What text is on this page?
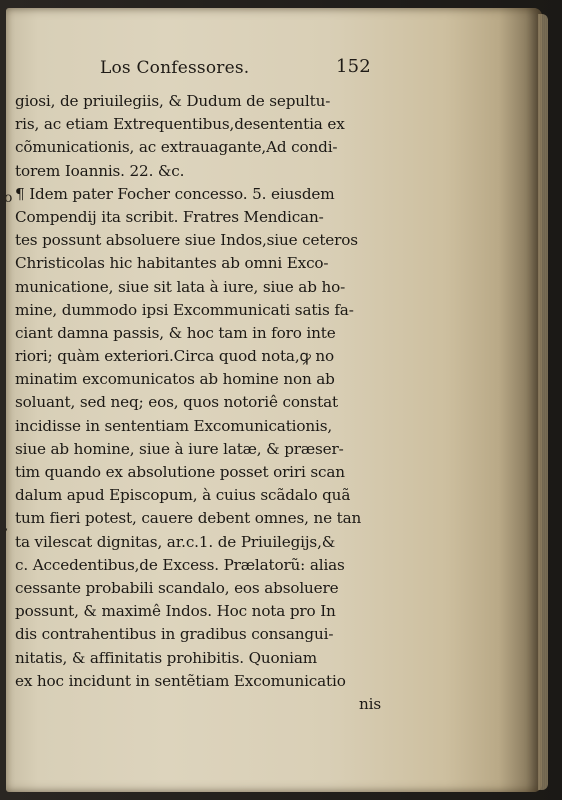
Los Confessores.	152
o
,
giosi, de priuilegiis, & Dudum de sepultu-
ris, ac etiam Extrequentibus,desententia ex
cõmunicationis, ac extrauagante,Ad condi-
torem Ioannis. 22. &c.
¶ Idem pater Focher concesso. 5. eiusdem
Compendij ita scribit. Fratres Mendican-
tes possunt absoluere siue Indos,siue ceteros
Christicolas hic habitantes ab omni Exco-
municatione, siue sit lata à iure, siue ab ho-
mine, dummodo ipsi Excommunicati satis fa-
ciant damna passis, & hoc tam in foro inte
riori; quàm exteriori.Circa quod nota,ꝙ no
minatim excomunicatos ab homine non ab
soluant, sed neq; eos, quos notoriê constat
incidisse in sententiam Excomunicationis,
siue ab homine, siue à iure latæ, & præser-
tim quando ex absolutione posset oriri scan
dalum apud Episcopum, à cuius scãdalo quã
tum fieri potest, cauere debent omnes, ne tan
ta vilescat dignitas, ar.c.1. de Priuilegijs,&
c. Accedentibus,de Excess. Prælatorũ: alias
cessante probabili scandalo, eos absoluere
possunt, & maximê Indos. Hoc nota pro In
dis contrahentibus in gradibus consangui-
nitatis, & affinitatis prohibitis. Quoniam
ex hoc incidunt in sentẽtiam Excomunicatio
nis
